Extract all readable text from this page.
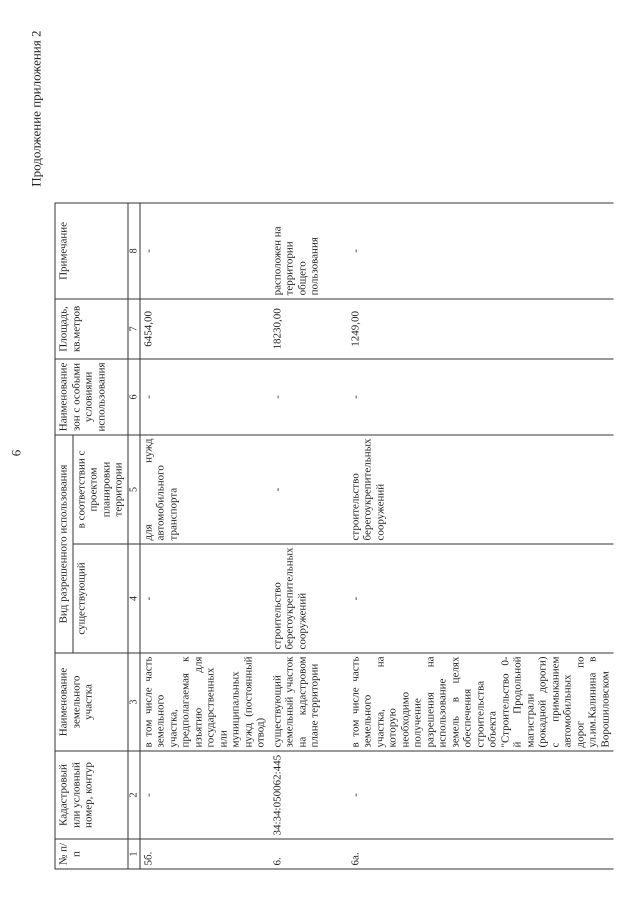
6
Продолжение приложения 2
№ п/п	Кадастровый или условный номер, контур	Наименование земельного участка	Вид разрешенного использования		Наименование зон с особыми условиями использования	Площадь, кв.метров	Примечание
			существующий	в соответствии с проектом планировки территории			
1	2	3	4	5	6	7	8
5б.	-	в том числе часть земельного участка, предполагаемая к изъятию для государственных или муниципальных нужд (постоянный отвод)	-	для нужд автомобильного транспорта	-	6454,00	-
6.	34:34:050062:445	существующий земельный участок на кадастровом плане территории	строительство берегоукрепительных сооружений	-	-	18230,00	расположен на территории общего пользования
6а.	-	в том числе часть земельного участка, на которую необходимо получение разрешения на использование земель в целях обеспечения строительства объекта "Строительство 0-й Продольной магистрали (рокадной дороги) с примыканием автомобильных дорог по ул.им.Калинина в Ворошиловском	-	строительство берегоукрепительных сооружений	-	1249,00	-
